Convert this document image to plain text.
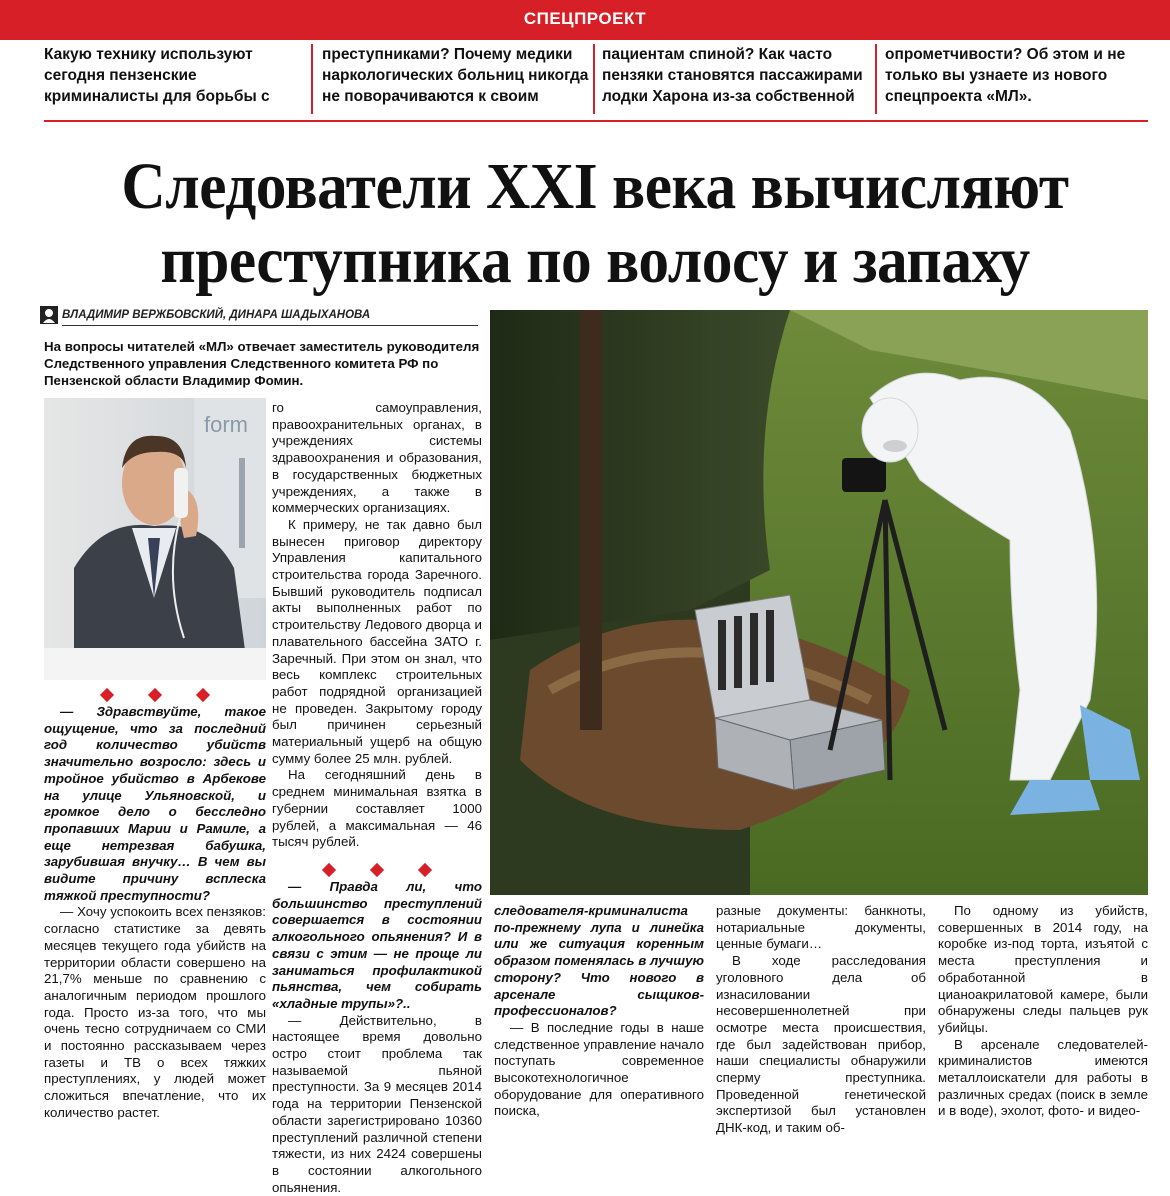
СПЕЦПРОЕКТ
Какую технику используют сегодня пензенские криминалисты для борьбы с
преступниками? Почему медики наркологических больниц никогда не поворачиваются к своим
пациентам спиной? Как часто пензяки становятся пассажирами лодки Харона из-за собственной
опрометчивости? Об этом и не только вы узнаете из нового спецпроекта «МЛ».
Следователи XXI века вычисляют
преступника по волосу и запаху
ВЛАДИМИР ВЕРЖБОВСКИЙ, ДИНАРА ШАДЫХАНОВА
На вопросы читателей «МЛ» отвечает заместитель руководителя Следственного управления Следственного комитета РФ по Пензенской области Владимир Фомин.
form

— Здравствуйте, такое ощущение, что за последний год количество убийств значительно возросло: здесь и тройное убийство в Арбекове на улице Ульяновской, и громкое дело о бесследно пропавших Марии и Рамиле, а еще нетрезвая бабушка, зарубившая внучку… В чем вы видите причину всплеска тяжкой преступности?

— Хочу успокоить всех пензяков: согласно статистике за девять месяцев текущего года убийств на территории области совершено на 21,7% меньше по сравнению с аналогичным периодом прошлого года. Просто из-за того, что мы очень тесно сотрудничаем со СМИ и постоянно рассказываем через газеты и ТВ о всех тяжких преступлениях, у людей может сложиться впечатление, что их количество растет.

го самоуправления, правоохранительных органах, в учреждениях системы здравоохранения и образования, в государственных бюджетных учреждениях, а также в коммерческих организациях.

К примеру, не так давно был вынесен приговор директору Управления капитального строительства города Заречного. Бывший руководитель подписал акты выполненных работ по строительству Ледового дворца и плавательного бассейна ЗАТО г. Заречный. При этом он знал, что весь комплекс строительных работ подрядной организацией не проведен. Закрытому городу был причинен серьезный материальный ущерб на общую сумму более 25 млн. рублей.

На сегодняшний день в среднем минимальная взятка в губернии составляет 1000 рублей, а максимальная — 46 тысяч рублей.

— Правда ли, что большинство преступлений совершается в состоянии алкогольного опьянения? И в связи с этим — не проще ли заниматься профилактикой пьянства, чем собирать «хладные трупы»?..

— Действительно, в настоящее время довольно остро стоит проблема так называемой пьяной преступности. За 9 месяцев 2014 года на территории Пензенской области зарегистрировано 10360 преступлений различной степени тяжести, из них 2424 совершены в состоянии алкогольного опьянения.

следователя-криминалиста по-прежнему лупа и линейка или же ситуация коренным образом поменялась в лучшую сторону? Что нового в арсенале сыщиков-профессионалов?

— В последние годы в наше следственное управление начало поступать современное высокотехнологичное оборудование для оперативного поиска,

разные документы: банкноты, нотариальные документы, ценные бумаги…

В ходе расследования уголовного дела об изнасиловании несовершеннолетней при осмотре места происшествия, где был задействован прибор, наши специалисты обнаружили сперму преступника. Проведенной генетической экспертизой был установлен ДНК-код, и таким об-

По одному из убийств, совершенных в 2014 году, на коробке из-под торта, изъятой с места преступления и обработанной в цианоакрилатовой камере, были обнаружены следы пальцев рук убийцы.

В арсенале следователей-криминалистов имеются металлоискатели для работы в различных средах (поиск в земле и в воде), эхолот, фото- и видео-
